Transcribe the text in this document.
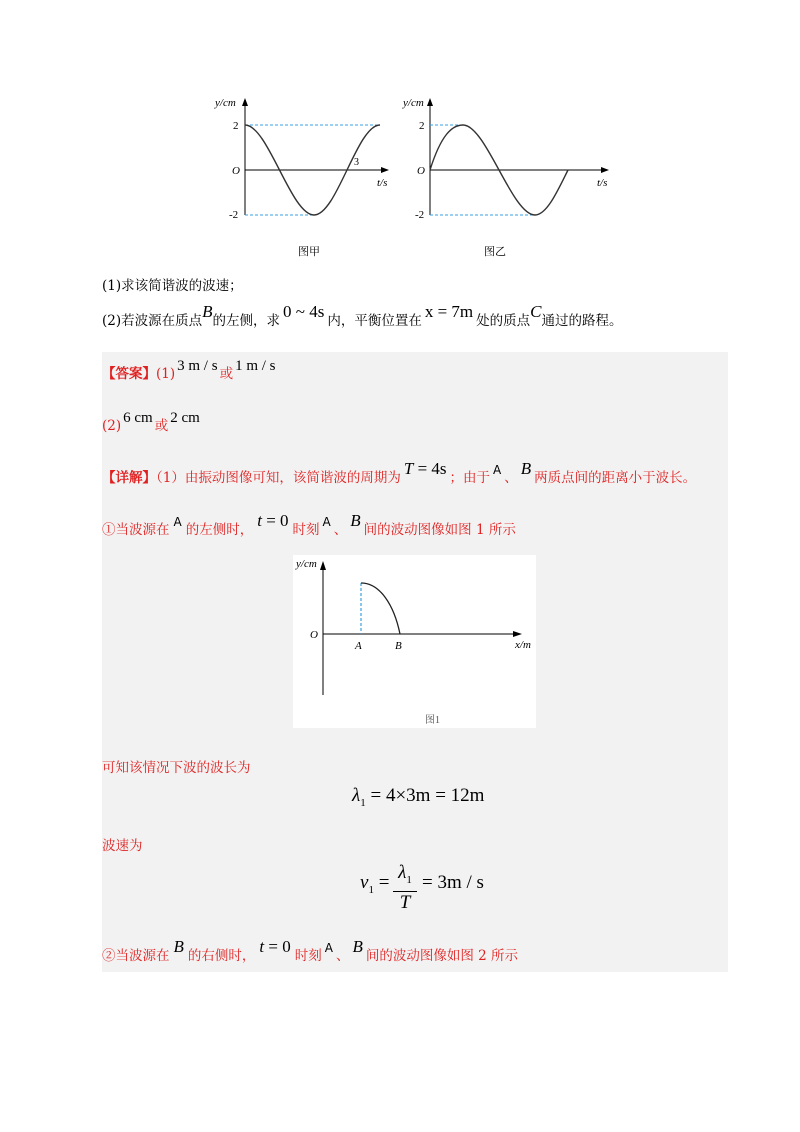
y/cm
t/s
O
2
-2
3
图甲
y/cm
t/s
O
2
-2
图乙
(1)求该简谐波的波速；
(2)若波源在质点B的左侧，求 0 ~ 4s 内，平衡位置在 x = 7m 处的质点C通过的路程。
【答案】(1) 3 m / s 或 1 m / s
(2) 6 cm 或 2 cm
【详解】（1）由振动图像可知，该简谐波的周期为 T = 4s ；由于 A 、 B 两质点间的距离小于波长。
①当波源在 A 的左侧时， t = 0 时刻 A 、 B 间的波动图像如图 1 所示
y/cm
x/m
O
A	B
图1
可知该情况下波的波长为
$\lambda_1 = 4\times 3m = 12m$
波速为
$v_1 = \lambda_1$
T
= 3m / s
②当波源在 B 的右侧时， t = 0 时刻 A 、 B 间的波动图像如图 2 所示
